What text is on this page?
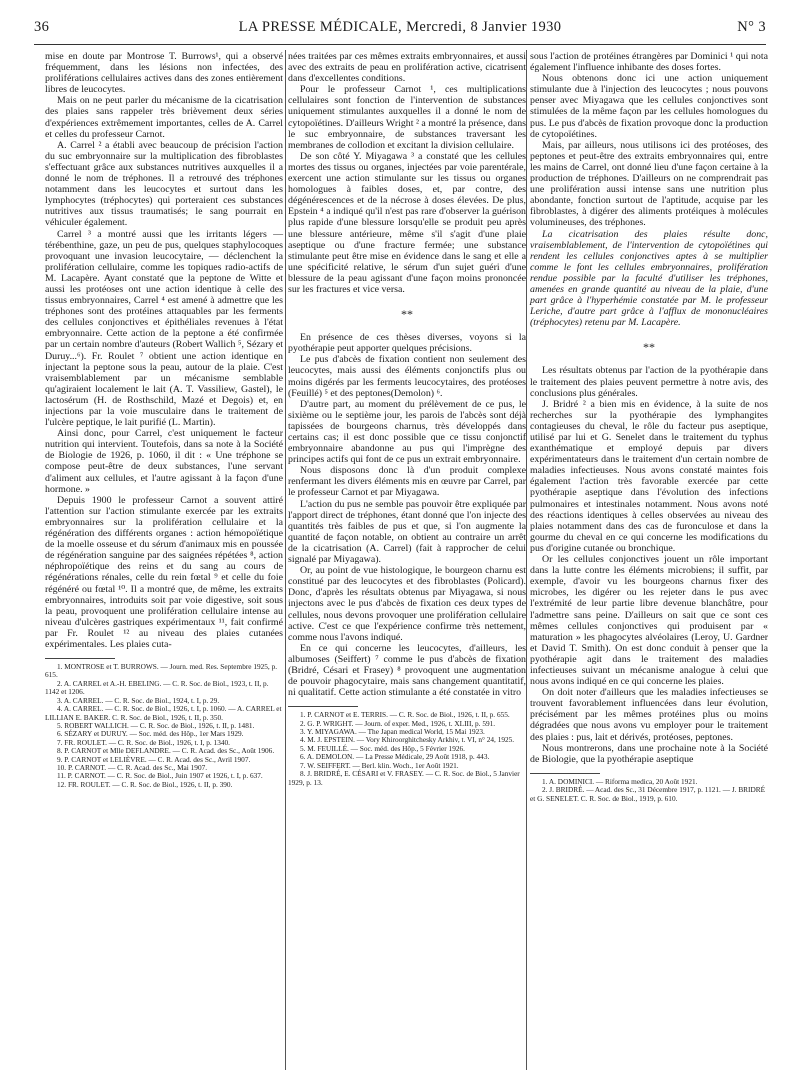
36	LA PRESSE MÉDICALE, Mercredi, 8 Janvier 1930	N° 3

mise en doute par Montrose T. Burrows¹, qui a observé fréquemment, dans les lésions non infectées, des proliférations cellulaires actives dans des zones entièrement libres de leucocytes.

Mais on ne peut parler du mécanisme de la cicatrisation des plaies sans rappeler très brièvement deux séries d'expériences extrêmement importantes, celles de A. Carrel et celles du professeur Carnot.

A. Carrel ² a établi avec beaucoup de précision l'action du suc embryonnaire sur la multiplication des fibroblastes s'effectuant grâce aux substances nutritives auxquelles il a donné le nom de tréphones. Il a retrouvé des tréphones notamment dans les leucocytes et surtout dans les lymphocytes (tréphocytes) qui porteraient ces substances nutritives aux tissus traumatisés; le sang pourrait en véhiculer également.

Carrel ³ a montré aussi que les irritants légers — térébenthine, gaze, un peu de pus, quelques staphylocoques provoquant une invasion leucocytaire, — déclenchent la prolifération cellulaire, comme les topiques radio-actifs de M. Lacapère. Ayant constaté que la peptone de Witte et aussi les protéoses ont une action identique à celle des tissus embryonnaires, Carrel ⁴ est amené à admettre que les tréphones sont des protéines attaquables par les ferments des cellules conjonctives et épithéliales revenues à l'état embryonnaire. Cette action de la peptone a été confirmée par un certain nombre d'auteurs (Robert Wallich ⁵, Sézary et Duruy...⁶). Fr. Roulet ⁷ obtient une action identique en injectant la peptone sous la peau, autour de la plaie. C'est vraisemblablement par un mécanisme semblable qu'agiraient localement le lait (A. T. Vassiliew, Gastel), le lactosérum (H. de Rosthschild, Mazé et Degois) et, en injections par la voie musculaire dans le traitement de l'ulcère peptique, le lait purifié (L. Martin).

Ainsi donc, pour Carrel, c'est uniquement le facteur nutrition qui intervient. Toutefois, dans sa note à la Société de Biologie de 1926, p. 1060, il dit : « Une tréphone se compose peut-être de deux substances, l'une servant d'aliment aux cellules, et l'autre agissant à la façon d'une hormone. »

Depuis 1900 le professeur Carnot a souvent attiré l'attention sur l'action stimulante exercée par les extraits embryonnaires sur la prolifération cellulaire et la régénération des différents organes : action hémopoïétique de la moelle osseuse et du sérum d'animaux mis en poussée de régénération sanguine par des saignées répétées ⁸, action néphropoïétique des reins et du sang au cours de régénérations rénales, celle du rein fœtal ⁹ et celle du foie régénéré ou fœtal ¹⁰. Il a montré que, de même, les extraits embryonnaires, introduits soit par voie digestive, soit sous la peau, provoquent une prolifération cellulaire intense au niveau d'ulcères gastriques expérimentaux ¹¹, fait confirmé par Fr. Roulet ¹² au niveau des plaies cutanées expérimentales. Les plaies cuta-

1. MONTROSE et T. BURROWS. — Journ. med. Res. Septembre 1925, p. 615.

2. A. CARREL et A.-H. EBELING. — C. R. Soc. de Biol., 1923, t. II, p. 1142 et 1206.

3. A. CARREL. — C. R. Soc. de Biol., 1924, t. I, p. 29.

4. A. CARREL. — C. R. Soc. de Biol., 1926, t. I, p. 1060. — A. CARREL et LILLIAN E. BAKER. C. R. Soc. de Biol., 1926, t. II, p. 350.

5. ROBERT WALLICH. — C. R. Soc. de Biol., 1926, t. II, p. 1481.

6. SÉZARY et DURUY. — Soc. méd. des Hôp., 1er Mars 1929.

7. FR. ROULET. — C. R. Soc. de Biol., 1926, t. I, p. 1340.

8. P. CARNOT et Mlle DEFLANDRE. — C. R. Acad. des Sc., Août 1906.

9. P. CARNOT et LELIÈVRE. — C. R. Acad. des Sc., Avril 1907.

10. P. CARNOT. — C. R. Acad. des Sc., Mai 1907.

11. P. CARNOT. — C. R. Soc. de Biol., Juin 1907 et 1926, t. I, p. 637.

12. FR. ROULET. — C. R. Soc. de Biol., 1926, t. II, p. 390.

nées traitées par ces mêmes extraits embryonnaires, et aussi avec des extraits de peau en prolifération active, cicatrisent dans d'excellentes conditions.

Pour le professeur Carnot ¹, ces multiplications cellulaires sont fonction de l'intervention de substances uniquement stimulantes auxquelles il a donné le nom de cytopoïétines. D'ailleurs Wright ² a montré la présence, dans le suc embryonnaire, de substances traversant les membranes de collodion et excitant la division cellulaire.

De son côté Y. Miyagawa ³ a constaté que les cellules mortes des tissus ou organes, injectées par voie parentérale, exercent une action stimulante sur les tissus ou organes homologues à faibles doses, et, par contre, des dégénérescences et de la nécrose à doses élevées. De plus, Epstein ⁴ a indiqué qu'il n'est pas rare d'observer la guérison plus rapide d'une blessure lorsqu'elle se produit peu après une blessure antérieure, même s'il s'agit d'une plaie aseptique ou d'une fracture fermée; une substance stimulante peut être mise en évidence dans le sang et elle a une spécificité relative, le sérum d'un sujet guéri d'une blessure de la peau agissant d'une façon moins prononcée sur les fractures et vice versa.

**

En présence de ces thèses diverses, voyons si la pyothérapie peut apporter quelques précisions.

Le pus d'abcès de fixation contient non seulement des leucocytes, mais aussi des éléments conjonctifs plus ou moins digérés par les ferments leucocytaires, des protéoses (Feuillé) ⁵ et des peptones(Demolon) ⁶.

D'autre part, au moment du prélèvement de ce pus, le sixième ou le septième jour, les parois de l'abcès sont déjà tapissées de bourgeons charnus, très développés dans certains cas; il est donc possible que ce tissu conjonctif embryonnaire abandonne au pus qui l'imprègne des principes actifs qui font de ce pus un extrait embryonnaire.

Nous disposons donc là d'un produit complexe renfermant les divers éléments mis en œuvre par Carrel, par le professeur Carnot et par Miyagawa.

L'action du pus ne semble pas pouvoir être expliquée par l'apport direct de tréphones, étant donné que l'on injecte des quantités très faibles de pus et que, si l'on augmente la quantité de façon notable, on obtient au contraire un arrêt de la cicatrisation (A. Carrel) (fait à rapprocher de celui signalé par Miyagawa).

Or, au point de vue histologique, le bourgeon charnu est constitué par des leucocytes et des fibroblastes (Policard). Donc, d'après les résultats obtenus par Miyagawa, si nous injectons avec le pus d'abcès de fixation ces deux types de cellules, nous devons provoquer une prolifération cellulaire active. C'est ce que l'expérience confirme très nettement, comme nous l'avons indiqué.

En ce qui concerne les leucocytes, d'ailleurs, les albumoses (Seiffert) ⁷ comme le pus d'abcès de fixation (Bridré, Césari et Frasey) ⁸ provoquent une augmentation de pouvoir phagocytaire, mais sans changement quantitatif, ni qualitatif. Cette action stimulante a été constatée in vitro

1. P. CARNOT et E. TERRIS. — C. R. Soc. de Biol., 1926, t. II, p. 655.

2. G. P. WRIGHT. — Journ. of exper. Med., 1926, t. XLIII, p. 591.

3. Y. MIYAGAWA. — The Japan medical World, 15 Mai 1923.

4. M. J. EPSTEIN. — Vory Khiroorghitchesky Arkhiv, t. VI, n° 24, 1925.

5. M. FEUILLÉ. — Soc. méd. des Hôp., 5 Février 1926.

6. A. DEMOLON. — La Presse Médicale, 29 Août 1918, p. 443.

7. W. SEIFFERT. — Berl. klin. Woch., 1er Août 1921.

8. J. BRIDRÉ, E. CÉSARI et V. FRASEY. — C. R. Soc. de Biol., 5 Janvier 1929, p. 13.

sous l'action de protéines étrangères par Dominici ¹ qui nota également l'influence inhibante des doses fortes.

Nous obtenons donc ici une action uniquement stimulante due à l'injection des leucocytes ; nous pouvons penser avec Miyagawa que les cellules conjonctives sont stimulées de la même façon par les cellules homologues du pus. Le pus d'abcès de fixation provoque donc la production de cytopoïétines.

Mais, par ailleurs, nous utilisons ici des protéoses, des peptones et peut-être des extraits embryonnaires qui, entre les mains de Carrel, ont donné lieu d'une façon certaine à la production de tréphones. D'ailleurs on ne comprendrait pas une prolifération aussi intense sans une nutrition plus abondante, fonction surtout de l'aptitude, acquise par les fibroblastes, à digérer des aliments protéiques à molécules volumineuses, des tréphones.

La cicatrisation des plaies résulte donc, vraisemblablement, de l'intervention de cytopoïétines qui rendent les cellules conjonctives aptes à se multiplier comme le font les cellules embryonnaires, prolifération rendue possible par la faculté d'utiliser les tréphones, amenées en grande quantité au niveau de la plaie, d'une part grâce à l'hyperhémie constatée par M. le professeur Leriche, d'autre part grâce à l'afflux de mononucléaires (tréphocytes) retenu par M. Lacapère.

**

Les résultats obtenus par l'action de la pyothérapie dans le traitement des plaies peuvent permettre à notre avis, des conclusions plus générales.

J. Bridré ² a bien mis en évidence, à la suite de nos recherches sur la pyothérapie des lymphangites contagieuses du cheval, le rôle du facteur pus aseptique, utilisé par lui et G. Senelet dans le traitement du typhus exanthématique et employé depuis par divers expérimentateurs dans le traitement d'un certain nombre de maladies infectieuses. Nous avons constaté maintes fois également l'action très favorable exercée par cette pyothérapie aseptique dans l'évolution des infections pulmonaires et intestinales notamment. Nous avons noté des réactions identiques à celles observées au niveau des plaies notamment dans des cas de furonculose et dans la gourme du cheval en ce qui concerne les modifications du pus d'origine cutanée ou bronchique.

Or les cellules conjonctives jouent un rôle important dans la lutte contre les éléments microbiens; il suffit, par exemple, d'avoir vu les bourgeons charnus fixer des microbes, les digérer ou les rejeter dans le pus avec l'extrémité de leur partie libre devenue blanchâtre, pour l'admettre sans peine. D'ailleurs on sait que ce sont ces mêmes cellules conjonctives qui produisent par « maturation » les phagocytes alvéolaires (Leroy, U. Gardner et David T. Smith). On est donc conduit à penser que la pyothérapie agit dans le traitement des maladies infectieuses suivant un mécanisme analogue à celui que nous avons indiqué en ce qui concerne les plaies.

On doit noter d'ailleurs que les maladies infectieuses se trouvent favorablement influencées dans leur évolution, précisément par les mêmes protéines plus ou moins dégradées que nous avons vu employer pour le traitement des plaies : pus, lait et dérivés, protéoses, peptones.

Nous montrerons, dans une prochaine note à la Société de Biologie, que la pyothérapie aseptique

1. A. DOMINICI. — Riforma medica, 20 Août 1921.

2. J. BRIDRÉ. — Acad. des Sc., 31 Décembre 1917, p. 1121. — J. BRIDRÉ et G. SENELET. C. R. Soc. de Biol., 1919, p. 610.
